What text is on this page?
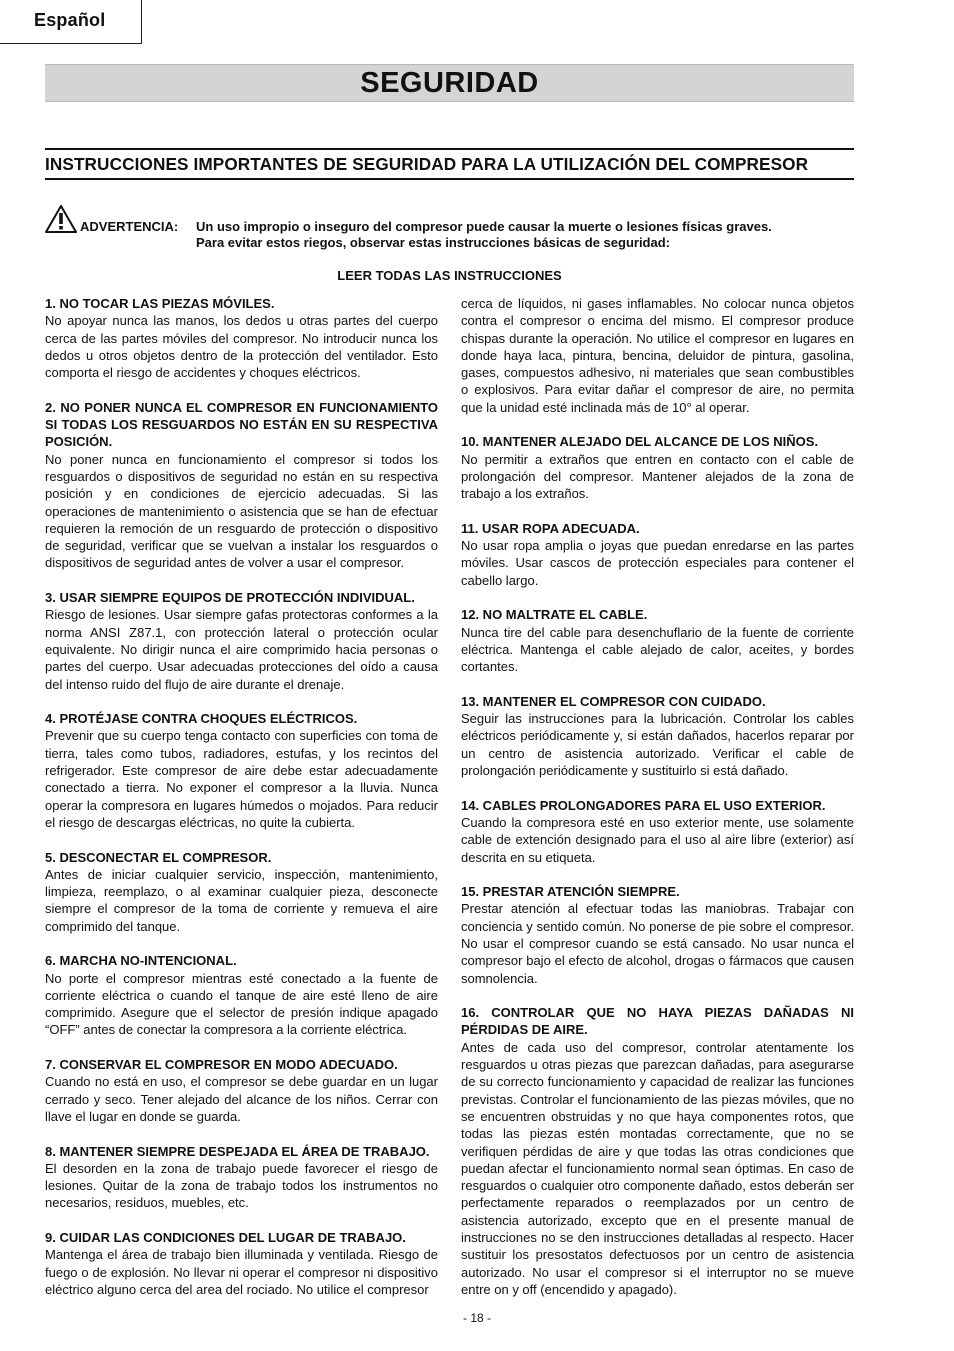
Español
SEGURIDAD
INSTRUCCIONES IMPORTANTES DE SEGURIDAD PARA LA UTILIZACIÓN DEL COMPRESOR
ADVERTENCIA: Un uso impropio o inseguro del compresor puede causar la muerte o lesiones físicas graves.
Para evitar estos riegos, observar estas instrucciones básicas de seguridad:
LEER TODAS LAS INSTRUCCIONES
1. NO TOCAR LAS PIEZAS MÓVILES.

No apoyar nunca las manos, los dedos u otras partes del cuerpo cerca de las partes móviles del compresor. No introducir nunca los dedos u otros objetos dentro de la protección del ventilador. Esto comporta el riesgo de accidentes y choques eléctricos.

2. NO PONER NUNCA EL COMPRESOR EN FUNCIONAMIENTO SI TODAS LOS RESGUARDOS NO ESTÁN EN SU RESPECTIVA POSICIÓN.

No poner nunca en funcionamiento el compresor si todos los resguardos o dispositivos de seguridad no están en su respectiva posición y en condiciones de ejercicio adecuadas. Si las operaciones de mantenimiento o asistencia que se han de efectuar requieren la remoción de un resguardo de protección o dispositivo de seguridad, verificar que se vuelvan a instalar los resguardos o dispositivos de seguridad antes de volver a usar el compresor.

3. USAR SIEMPRE EQUIPOS DE PROTECCIÓN INDIVIDUAL.

Riesgo de lesiones. Usar siempre gafas protectoras conformes a la norma ANSI Z87.1, con protección lateral o protección ocular equivalente. No dirigir nunca el aire comprimido hacia personas o partes del cuerpo. Usar adecuadas protecciones del oído a causa del intenso ruido del flujo de aire durante el drenaje.

4. PROTÉJASE CONTRA CHOQUES ELÉCTRICOS.

Prevenir que su cuerpo tenga contacto con superficies con toma de tierra, tales como tubos, radiadores, estufas, y los recintos del refrigerador. Este compresor de aire debe estar adecuadamente conectado a tierra. No exponer el compresor a la lluvia. Nunca operar la compresora en lugares húmedos o mojados. Para reducir el riesgo de descargas eléctricas, no quite la cubierta.

5. DESCONECTAR EL COMPRESOR.

Antes de iniciar cualquier servicio, inspección, mantenimiento, limpieza, reemplazo, o al examinar cualquier pieza, desconecte siempre el compresor de la toma de corriente y remueva el aire comprimido del tanque.

6. MARCHA NO-INTENCIONAL.

No porte el compresor mientras esté conectado a la fuente de corriente eléctrica o cuando el tanque de aire esté lleno de aire comprimido. Asegure que el selector de presión indique apagado “OFF” antes de conectar la compresora a la corriente eléctrica.

7. CONSERVAR EL COMPRESOR EN MODO ADECUADO.

Cuando no está en uso, el compresor se debe guardar en un lugar cerrado y seco. Tener alejado del alcance de los niños. Cerrar con llave el lugar en donde se guarda.

8. MANTENER SIEMPRE DESPEJADA EL ÁREA DE TRABAJO.

El desorden en la zona de trabajo puede favorecer el riesgo de lesiones. Quitar de la zona de trabajo todos los instrumentos no necesarios, residuos, muebles, etc.

9. CUIDAR LAS CONDICIONES DEL LUGAR DE TRABAJO.

Mantenga el área de trabajo bien illuminada y ventilada. Riesgo de fuego o de explosión. No llevar ni operar el compresor ni dispositivo eléctrico alguno cerca del area del rociado. No utilice el compresor

cerca de líquidos, ni gases inflamables. No colocar nunca objetos contra el compresor o encima del mismo. El compresor produce chispas durante la operación. No utilice el compresor en lugares en donde haya laca, pintura, bencina, deluidor de pintura, gasolina, gases, compuestos adhesivo, ni materiales que sean combustibles o explosivos. Para evitar dañar el compresor de aire, no permita que la unidad esté inclinada más de 10° al operar.

10. MANTENER ALEJADO DEL ALCANCE DE LOS NIÑOS.

No permitir a extraños que entren en contacto con el cable de prolongación del compresor. Mantener alejados de la zona de trabajo a los extraños.

11. USAR ROPA ADECUADA.

No usar ropa amplia o joyas que puedan enredarse en las partes móviles. Usar cascos de protección especiales para contener el cabello largo.

12. NO MALTRATE EL CABLE.

Nunca tire del cable para desenchuflario de la fuente de corriente eléctrica. Mantenga el cable alejado de calor, aceites, y bordes cortantes.

13. MANTENER EL COMPRESOR CON CUIDADO.

Seguir las instrucciones para la lubricación. Controlar los cables eléctricos periódicamente y, si están dañados, hacerlos reparar por un centro de asistencia autorizado. Verificar el cable de prolongación periódicamente y sustituirlo si está dañado.

14. CABLES PROLONGADORES PARA EL USO EXTERIOR.

Cuando la compresora esté en uso exterior mente, use solamente cable de extención designado para el uso al aire libre (exterior) así descrita en su etiqueta.

15. PRESTAR ATENCIÓN SIEMPRE.

Prestar atención al efectuar todas las maniobras. Trabajar con conciencia y sentido común. No ponerse de pie sobre el compresor. No usar el compresor cuando se está cansado. No usar nunca el compresor bajo el efecto de alcohol, drogas o fármacos que causen somnolencia.

16. CONTROLAR QUE NO HAYA PIEZAS DAÑADAS NI PÉRDIDAS DE AIRE.

Antes de cada uso del compresor, controlar atentamente los resguardos u otras piezas que parezcan dañadas, para asegurarse de su correcto funcionamiento y capacidad de realizar las funciones previstas. Controlar el funcionamiento de las piezas móviles, que no se encuentren obstruidas y no que haya componentes rotos, que todas las piezas estén montadas correctamente, que no se verifiquen pérdidas de aire y que todas las otras condiciones que puedan afectar el funcionamiento normal sean óptimas. En caso de resguardos o cualquier otro componente dañado, estos deberán ser perfectamente reparados o reemplazados por un centro de asistencia autorizado, excepto que en el presente manual de instrucciones no se den instrucciones detalladas al respecto. Hacer sustituir los presostatos defectuosos por un centro de asistencia autorizado. No usar el compresor si el interruptor no se mueve entre on y off (encendido y apagado).

- 18 -
